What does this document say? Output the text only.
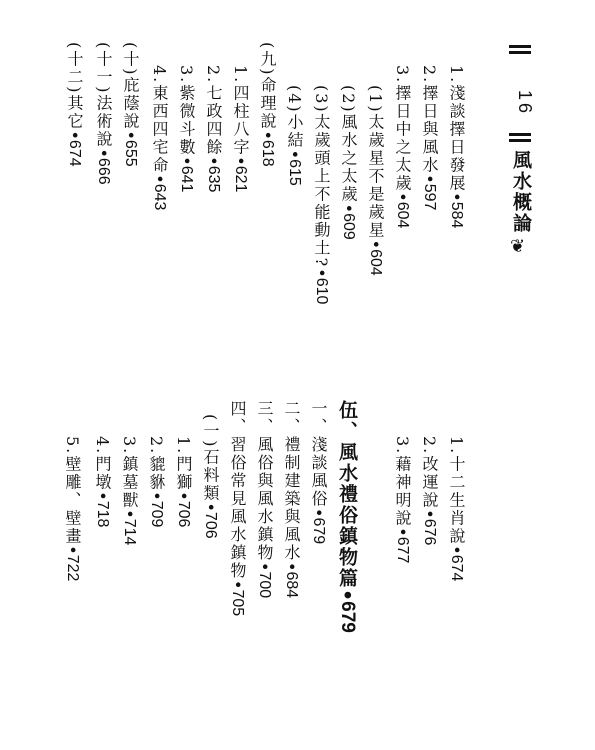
16
風水概論
❦
1.淺談擇日發展•584
2.擇日與風水•597
3.擇日中之太歲•604
(1)太歲星不是歲星•604
(2)風水之太歲•609
(3)太歲頭上不能動土?•610
(4)小結•615
(九)命理說•618
1.四柱八字•621
2.七政四餘•635
3.紫微斗數•641
4.東西四宅命•643
(十)庇蔭說•655
(十一)法術說•666
(十二)其它•674
1.十二生肖說•674
2.改運說•676
3.藉神明說•677
伍、風水禮俗鎮物篇•679
一、淺談風俗•679
二、禮制建築與風水•684
三、風俗與風水鎮物•700
四、習俗常見風水鎮物•705
(一)石料類•706
1.門獅•706
2.貔貅•709
3.鎮墓獸•714
4.門墩•718
5.壁雕、壁畫•722
